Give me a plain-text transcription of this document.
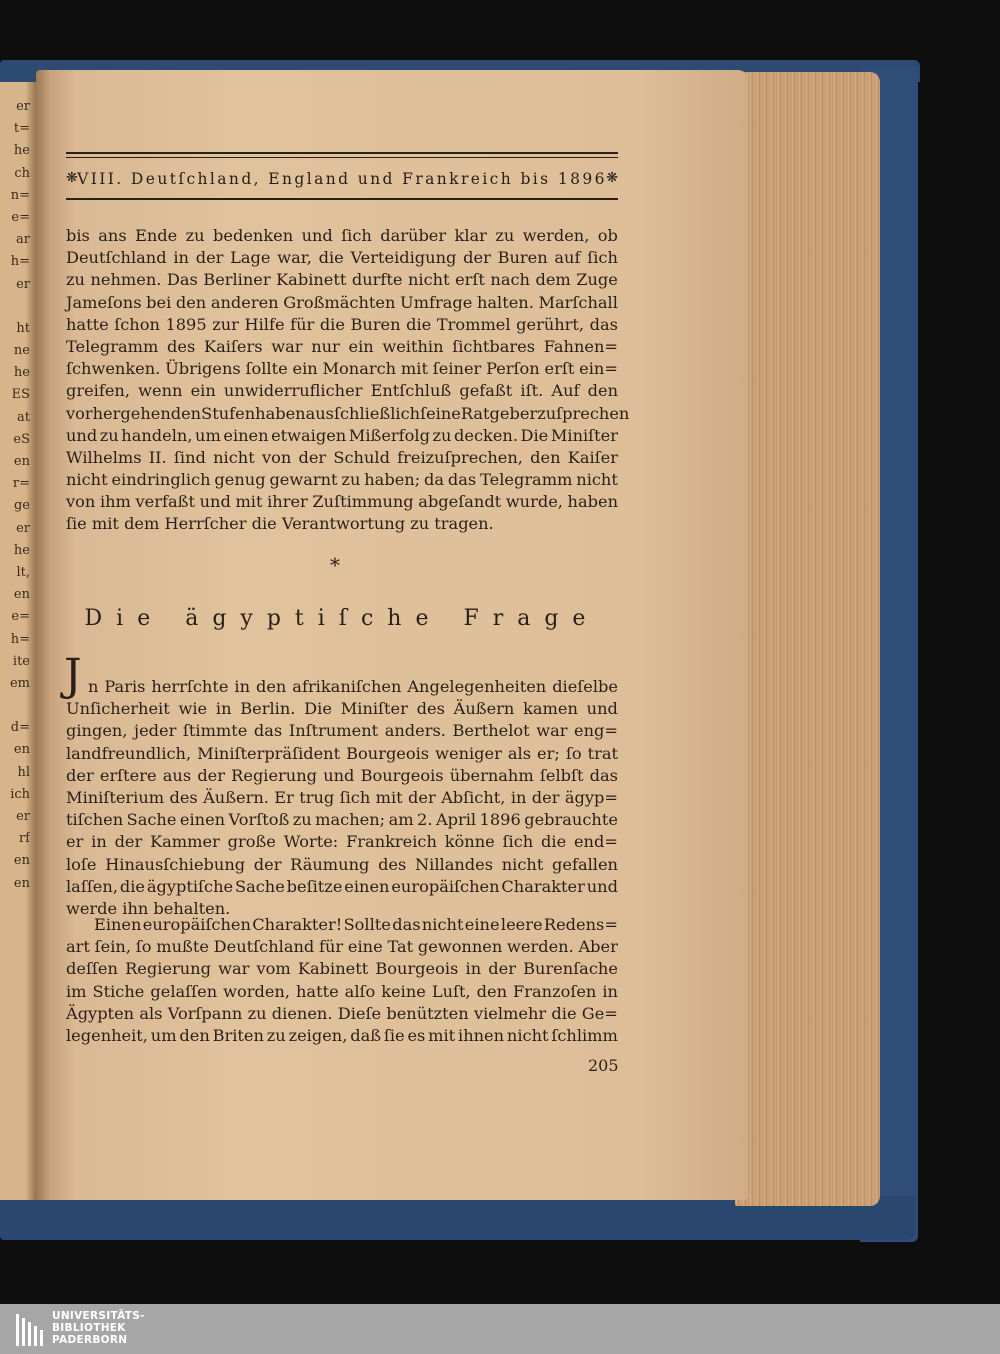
er
t=
he
ch
n=
e=
ar
h=
er
ht
ne
he
ES
at
eS
en
r=
ge
er
he
lt,
en
e=
h=
ite
em
d=
en
hl
ich
er
rf
en
en
❋ VIII. Deutſchland, England und Frankreich bis 1896 ❋
bis ans Ende zu bedenken und ſich darüber klar zu werden, ob
Deutſchland in der Lage war, die Verteidigung der Buren auf ſich
zu nehmen. Das Berliner Kabinett durfte nicht erſt nach dem Zuge
Jameſons bei den anderen Großmächten Umfrage halten. Marſchall
hatte ſchon 1895 zur Hilfe für die Buren die Trommel gerührt, das
Telegramm des Kaiſers war nur ein weithin ſichtbares Fahnen=
ſchwenken. Übrigens ſollte ein Monarch mit ſeiner Perſon erſt ein=
greifen, wenn ein unwiderruflicher Entſchluß gefaßt iſt. Auf den
vorhergehenden Stufen haben ausſchließlich ſeine Ratgeber zu ſprechen
und zu handeln, um einen etwaigen Mißerfolg zu decken. Die Miniſter
Wilhelms II. ſind nicht von der Schuld freizuſprechen, den Kaiſer
nicht eindringlich genug gewarnt zu haben; da das Telegramm nicht
von ihm verfaßt und mit ihrer Zuſtimmung abgeſandt wurde, haben
ſie mit dem Herrſcher die Verantwortung zu tragen.
*
Die ägyptiſche Frage
J n Paris herrſchte in den afrikaniſchen Angelegenheiten dieſelbe
Unſicherheit wie in Berlin. Die Miniſter des Äußern kamen und
gingen, jeder ſtimmte das Inſtrument anders. Berthelot war eng=
landfreundlich, Miniſterpräſident Bourgeois weniger als er; ſo trat
der erſtere aus der Regierung und Bourgeois übernahm ſelbſt das
Miniſterium des Äußern. Er trug ſich mit der Abſicht, in der ägyp=
tiſchen Sache einen Vorſtoß zu machen; am 2. April 1896 gebrauchte
er in der Kammer große Worte: Frankreich könne ſich die end=
loſe Hinausſchiebung der Räumung des Nillandes nicht gefallen
laſſen, die ägyptiſche Sache beſitze einen europäiſchen Charakter und
werde ihn behalten.
Einen europäiſchen Charakter! Sollte das nicht eine leere Redens=
art ſein, ſo mußte Deutſchland für eine Tat gewonnen werden. Aber
deſſen Regierung war vom Kabinett Bourgeois in der Burenſache
im Stiche gelaſſen worden, hatte alſo keine Luſt, den Franzoſen in
Ägypten als Vorſpann zu dienen. Dieſe benützten vielmehr die Ge=
legenheit, um den Briten zu zeigen, daß ſie es mit ihnen nicht ſchlimm
205
UNIVERSITÄTS-
BIBLIOTHEK
PADERBORN
